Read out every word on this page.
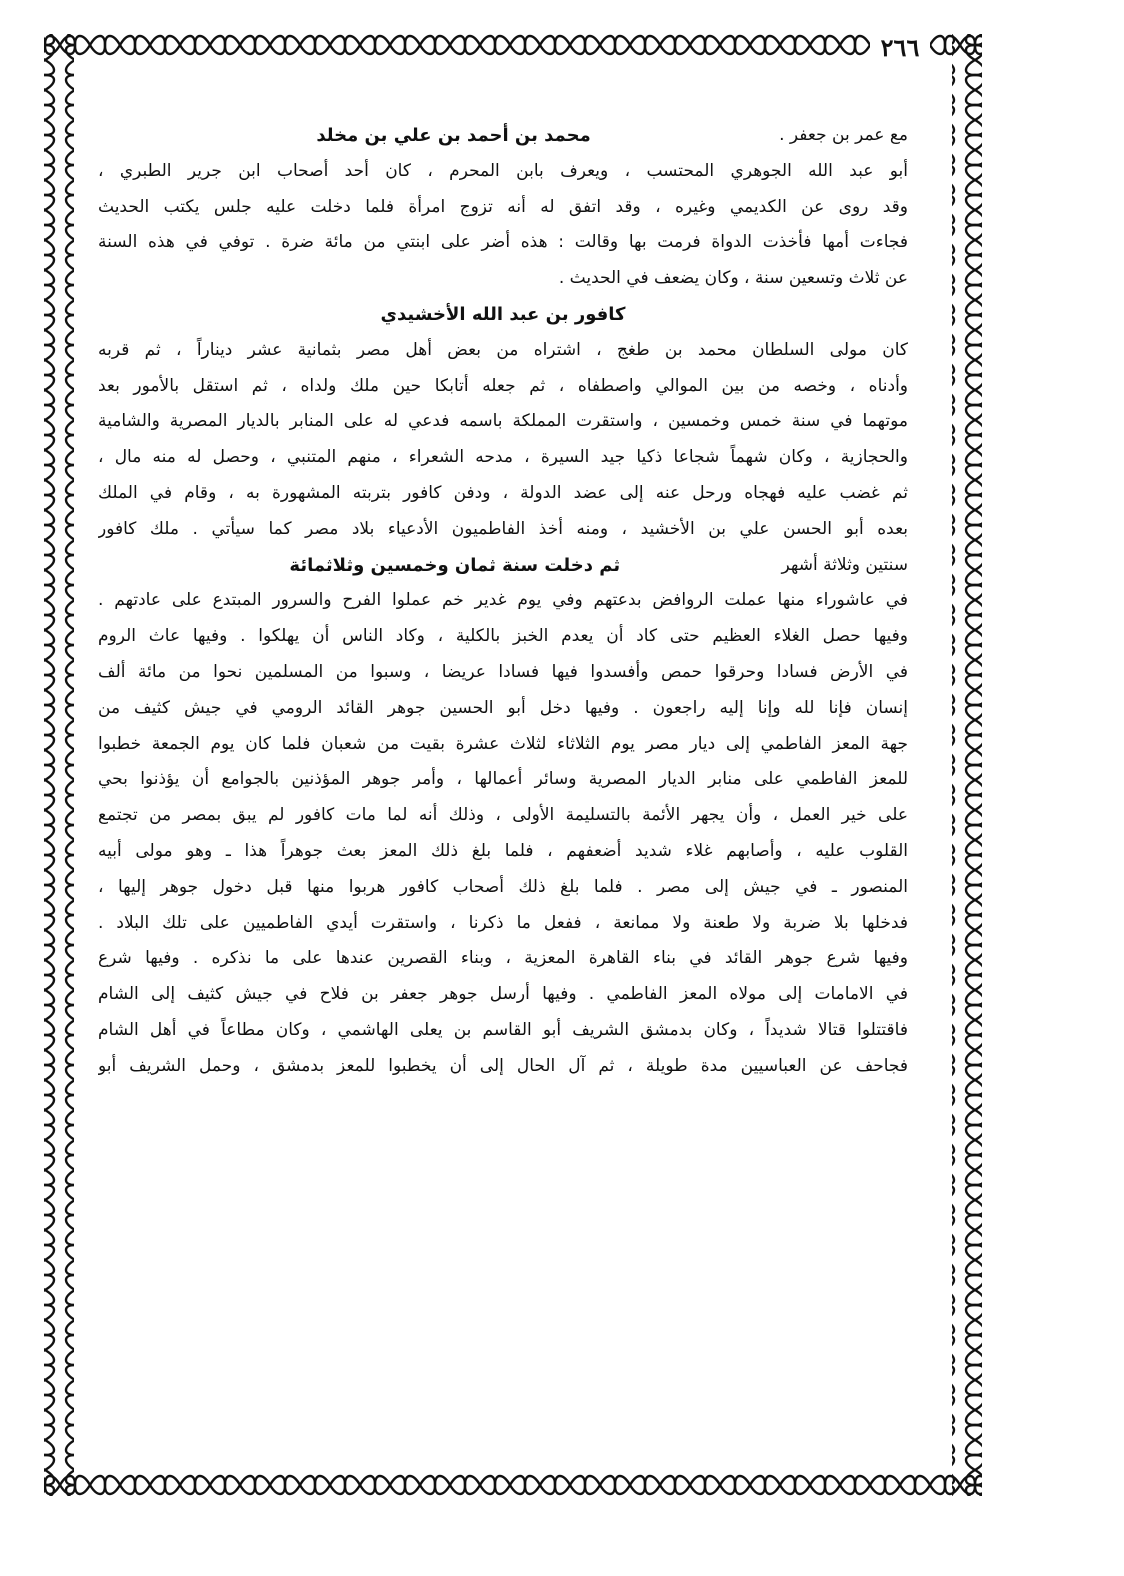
٢٦٦
مع عمر بن جعفر .
محمد بن أحمد بن علي بن مخلد
أبو عبد الله الجوهري المحتسب ، ويعرف بابن المحرم ، كان أحد أصحاب ابن جرير الطبري ،
وقد روى عن الكديمي وغيره ، وقد اتفق له أنه تزوج امرأة فلما دخلت عليه جلس يكتب الحديث
فجاءت أمها فأخذت الدواة فرمت بها وقالت : هذه أضر على ابنتي من مائة ضرة . توفي في هذه السنة
عن ثلاث وتسعين سنة ، وكان يضعف في الحديث .
كافور بن عبد الله الأخشيدي
كان مولى السلطان محمد بن طغج ، اشتراه من بعض أهل مصر بثمانية عشر ديناراً ، ثم قربه
وأدناه ، وخصه من بين الموالي واصطفاه ، ثم جعله أتابكا حين ملك ولداه ، ثم استقل بالأمور بعد
موتهما في سنة خمس وخمسين ، واستقرت المملكة باسمه فدعي له على المنابر بالديار المصرية والشامية
والحجازية ، وكان شهماً شجاعا ذكيا جيد السيرة ، مدحه الشعراء ، منهم المتنبي ، وحصل له منه مال ،
ثم غضب عليه فهجاه ورحل عنه إلى عضد الدولة ، ودفن كافور بتربته المشهورة به ، وقام في الملك
بعده أبو الحسن علي بن الأخشيد ، ومنه أخذ الفاطميون الأدعياء بلاد مصر كما سيأتي . ملك كافور
سنتين وثلاثة أشهر
ثم دخلت سنة ثمان وخمسين وثلاثمائة
في عاشوراء منها عملت الروافض بدعتهم وفي يوم غدير خم عملوا الفرح والسرور المبتدع على عادتهم .
وفيها حصل الغلاء العظيم حتى كاد أن يعدم الخبز بالكلية ، وكاد الناس أن يهلكوا . وفيها عاث الروم
في الأرض فسادا وحرقوا حمص وأفسدوا فيها فسادا عريضا ، وسبوا من المسلمين نحوا من مائة ألف
إنسان فإنا لله وإنا إليه راجعون . وفيها دخل أبو الحسين جوهر القائد الرومي في جيش كثيف من
جهة المعز الفاطمي إلى ديار مصر يوم الثلاثاء لثلاث عشرة بقيت من شعبان فلما كان يوم الجمعة خطبوا
للمعز الفاطمي على منابر الديار المصرية وسائر أعمالها ، وأمر جوهر المؤذنين بالجوامع أن يؤذنوا بحي
على خير العمل ، وأن يجهر الأئمة بالتسليمة الأولى ، وذلك أنه لما مات كافور لم يبق بمصر من تجتمع
القلوب عليه ، وأصابهم غلاء شديد أضعفهم ، فلما بلغ ذلك المعز بعث جوهراً هذا ـ وهو مولى أبيه
المنصور ـ في جيش إلى مصر . فلما بلغ ذلك أصحاب كافور هربوا منها قبل دخول جوهر إليها ،
فدخلها بلا ضربة ولا طعنة ولا ممانعة ، ففعل ما ذكرنا ، واستقرت أيدي الفاطميين على تلك البلاد .
وفيها شرع جوهر القائد في بناء القاهرة المعزية ، وبناء القصرين عندها على ما نذكره . وفيها شرع
في الامامات إلى مولاه المعز الفاطمي . وفيها أرسل جوهر جعفر بن فلاح في جيش كثيف إلى الشام
فاقتتلوا قتالا شديداً ، وكان بدمشق الشريف أبو القاسم بن يعلى الهاشمي ، وكان مطاعاً في أهل الشام
فجاحف عن العباسيين مدة طويلة ، ثم آل الحال إلى أن يخطبوا للمعز بدمشق ، وحمل الشريف أبو
